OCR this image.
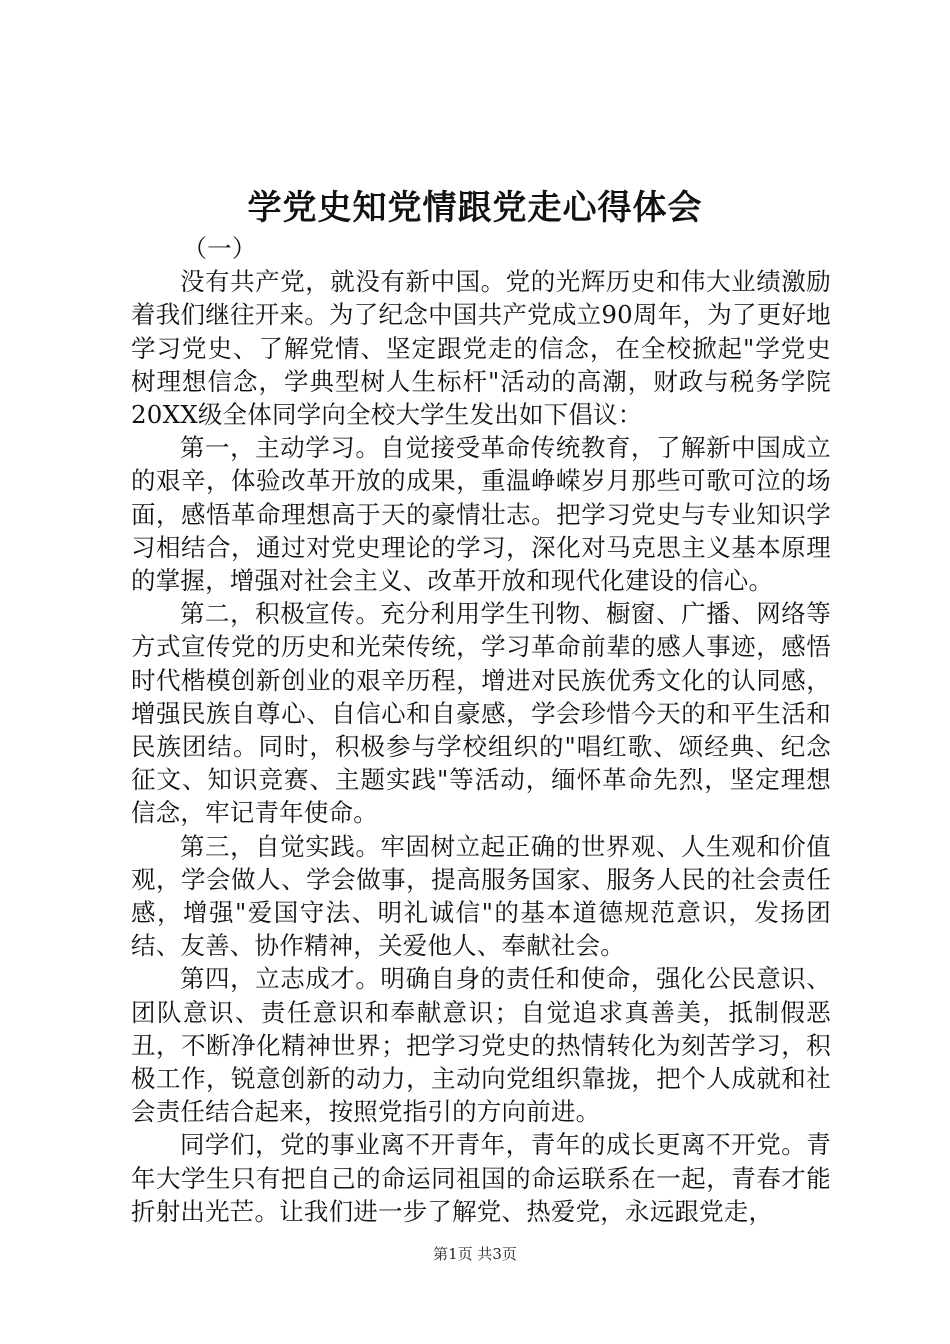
学党史知党情跟党走心得体会

（一）

没有共产党，就没有新中国。党的光辉历史和伟大业绩激励着我们继往开来。为了纪念中国共产党成立90周年，为了更好地学习党史、了解党情、坚定跟党走的信念，在全校掀起"学党史树理想信念，学典型树人生标杆"活动的高潮，财政与税务学院20XX级全体同学向全校大学生发出如下倡议：

第一，主动学习。自觉接受革命传统教育，了解新中国成立的艰辛，体验改革开放的成果，重温峥嵘岁月那些可歌可泣的场面，感悟革命理想高于天的豪情壮志。把学习党史与专业知识学习相结合，通过对党史理论的学习，深化对马克思主义基本原理的掌握，增强对社会主义、改革开放和现代化建设的信心。

第二，积极宣传。充分利用学生刊物、橱窗、广播、网络等方式宣传党的历史和光荣传统，学习革命前辈的感人事迹，感悟时代楷模创新创业的艰辛历程，增进对民族优秀文化的认同感，增强民族自尊心、自信心和自豪感，学会珍惜今天的和平生活和民族团结。同时，积极参与学校组织的"唱红歌、颂经典、纪念征文、知识竞赛、主题实践"等活动，缅怀革命先烈，坚定理想信念，牢记青年使命。

第三，自觉实践。牢固树立起正确的世界观、人生观和价值观，学会做人、学会做事，提高服务国家、服务人民的社会责任感，增强"爱国守法、明礼诚信"的基本道德规范意识，发扬团结、友善、协作精神，关爱他人、奉献社会。

第四，立志成才。明确自身的责任和使命，强化公民意识、团队意识、责任意识和奉献意识；自觉追求真善美，抵制假恶丑，不断净化精神世界；把学习党史的热情转化为刻苦学习，积极工作，锐意创新的动力，主动向党组织靠拢，把个人成就和社会责任结合起来，按照党指引的方向前进。

同学们，党的事业离不开青年，青年的成长更离不开党。青年大学生只有把自己的命运同祖国的命运联系在一起，青春才能折射出光芒。让我们进一步了解党、热爱党，永远跟党走，

第1页 共3页
